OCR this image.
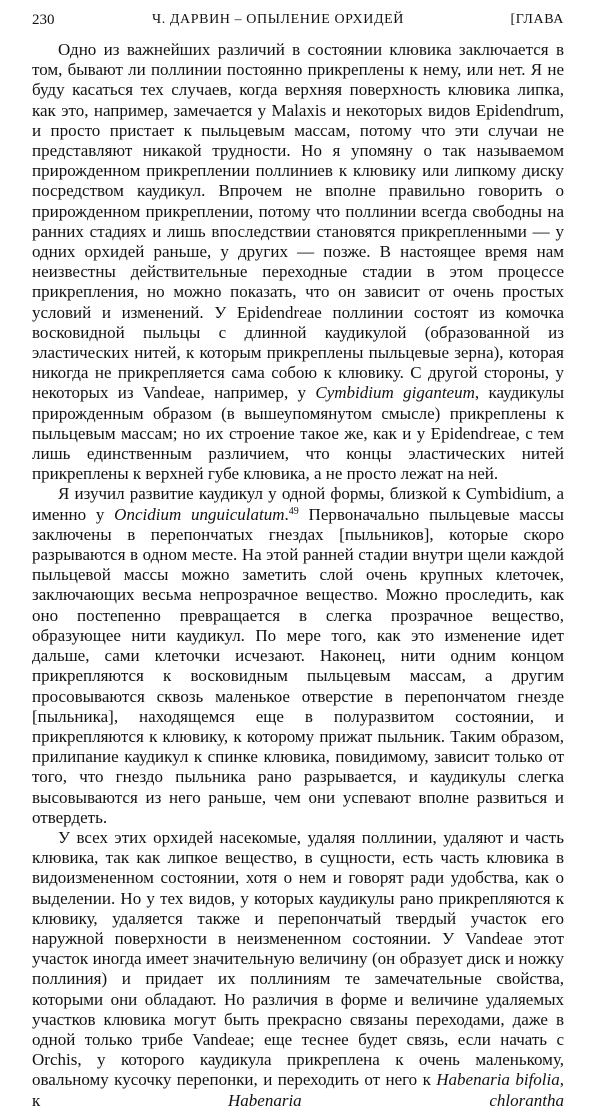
230	Ч. ДАРВИН – ОПЫЛЕНИЕ ОРХИДЕЙ	[ГЛАВА

Одно из важнейших различий в состоянии клювика заключается в том, бывают ли поллинии постоянно прикреплены к нему, или нет. Я не буду касаться тех случаев, когда верхняя поверхность клювика липка, как это, например, замечается у Malaxis и некоторых видов Epidendrum, и просто пристает к пыльцевым массам, потому что эти случаи не представляют никакой трудности. Но я упомяну о так называемом прирожденном прикреплении поллиниев к клювику или липкому диску посредством каудикул. Впрочем не вполне правильно говорить о прирожденном прикреплении, потому что поллинии всегда свободны на ранних стадиях и лишь впоследствии становятся прикрепленными — у одних орхидей раньше, у других — позже. В настоящее время нам неизвестны действительные переходные стадии в этом процессе прикрепления, но можно показать, что он зависит от очень простых условий и изменений. У Epidendreae поллинии состоят из комочка восковидной пыльцы с длинной каудикулой (образованной из эластических нитей, к которым прикреплены пыльцевые зерна), которая никогда не прикрепляется сама собою к клювику. С другой стороны, у некоторых из Vandeae, например, у Cymbidium giganteum, каудикулы прирожденным образом (в вышеупомянутом смысле) прикреплены к пыльцевым массам; но их строение такое же, как и у Epidendreae, с тем лишь единственным различием, что концы эластических нитей прикреплены к верхней губе клювика, а не просто лежат на ней.

Я изучил развитие каудикул у одной формы, близкой к Cymbidium, а именно у Oncidium unguiculatum.$^{49}$ Первоначально пыльцевые массы заключены в перепончатых гнездах [пыльников], которые скоро разрываются в одном месте. На этой ранней стадии внутри щели каждой пыльцевой массы можно заметить слой очень крупных клеточек, заключающих весьма непрозрачное вещество. Можно проследить, как оно постепенно превращается в слегка прозрачное вещество, образующее нити каудикул. По мере того, как это изменение идет дальше, сами клеточки исчезают. Наконец, нити одним концом прикрепляются к восковидным пыльцевым массам, а другим просовываются сквозь маленькое отверстие в перепончатом гнезде [пыльника], находящемся еще в полуразвитом состоянии, и прикрепляются к клювику, к которому прижат пыльник. Таким образом, прилипание каудикул к спинке клювика, повидимому, зависит только от того, что гнездо пыльника рано разрывается, и каудикулы слегка высовываются из него раньше, чем они успевают вполне развиться и отвердеть.

У всех этих орхидей насекомые, удаляя поллинии, удаляют и часть клювика, так как липкое вещество, в сущности, есть часть клювика в видоизмененном состоянии, хотя о нем и говорят ради удобства, как о выделении. Но у тех видов, у которых каудикулы рано прикрепляются к клювику, удаляется также и перепончатый твердый участок его наружной поверхности в неизмененном состоянии. У Vandeae этот участок иногда имеет значительную величину (он образует диск и ножку поллиния) и придает их поллиниям те замечательные свойства, которыми они обладают. Но различия в форме и величине удаляемых участков клювика могут быть прекрасно связаны переходами, даже в одной только трибе Vandeae; еще теснее будет связь, если начать с Orchis, у которого каудикула прикреплена к очень маленькому, овальному кусочку перепонки, и переходить от него к Habenaria bifolia, к Habenaria chlorantha
